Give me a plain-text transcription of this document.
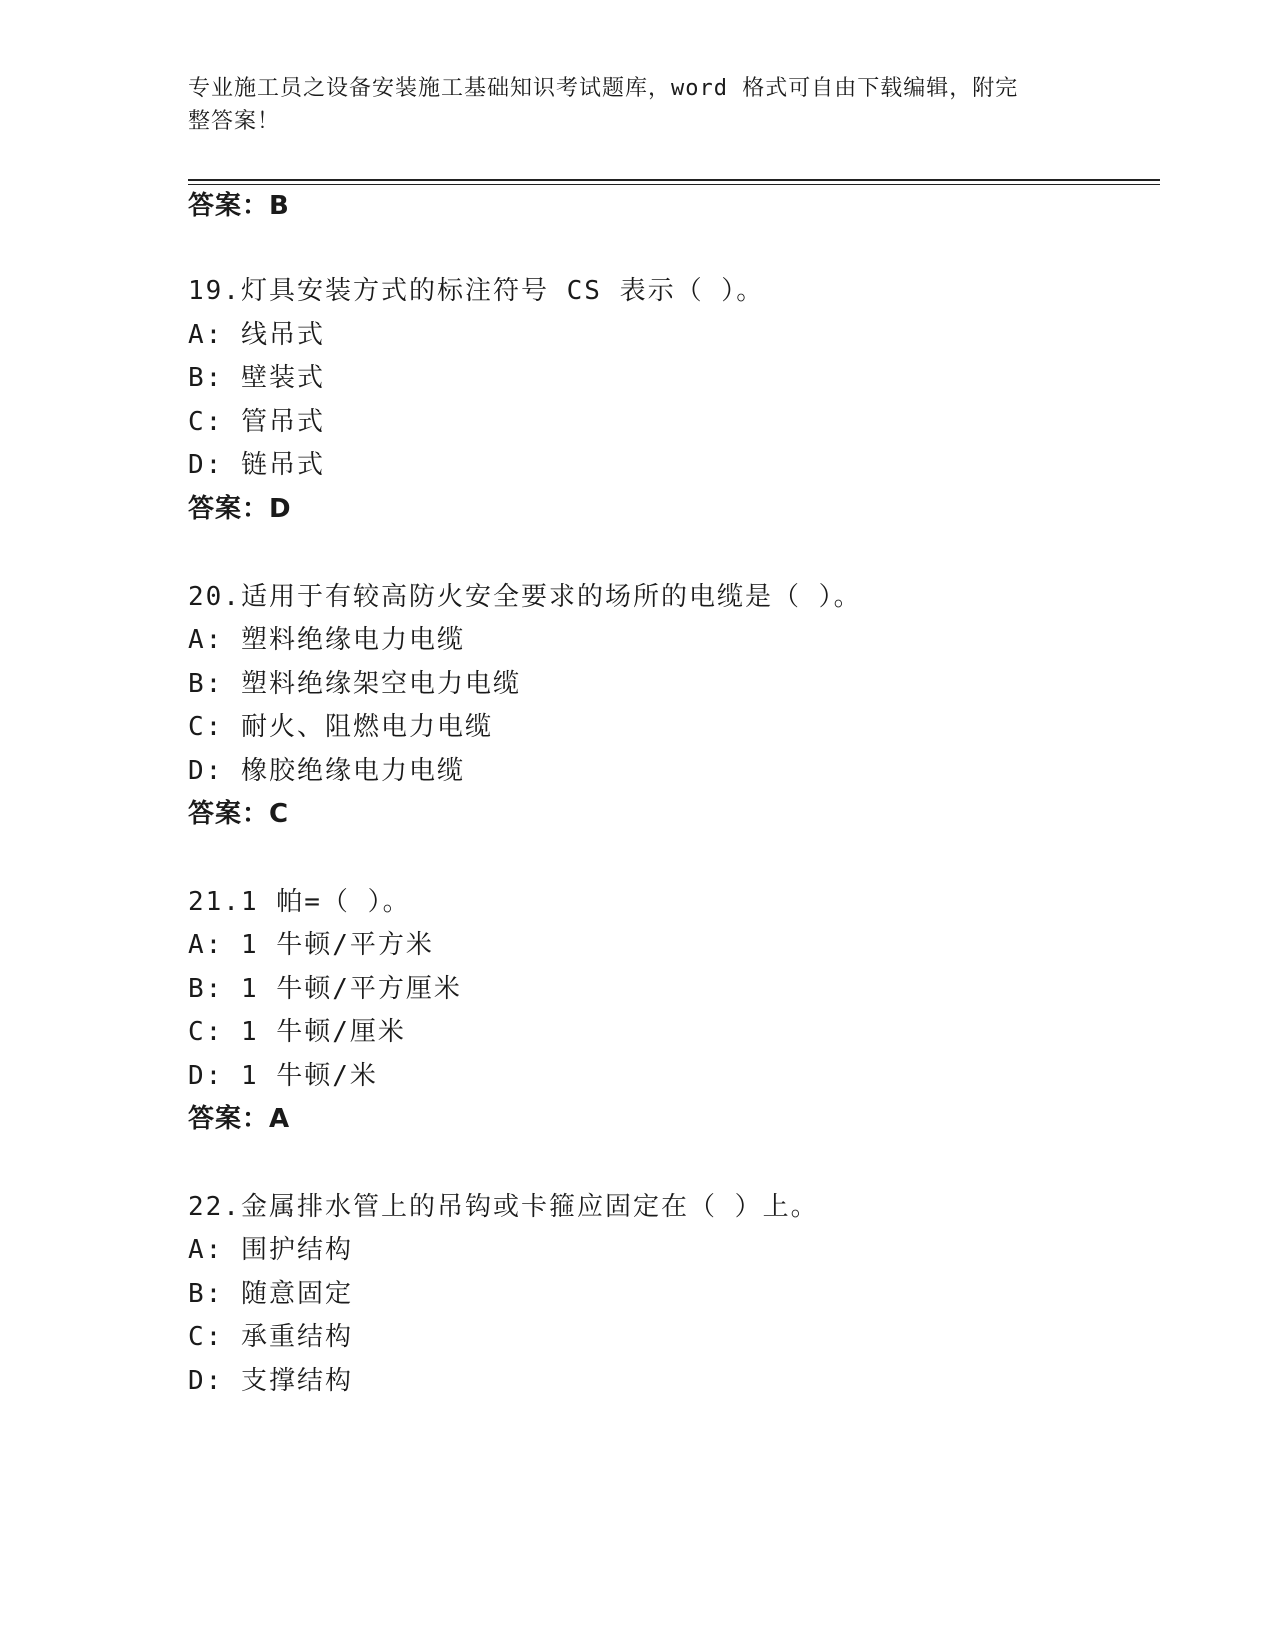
专业施工员之设备安装施工基础知识考试题库，word 格式可自由下载编辑，附完
整答案！
答案：B
19.灯具安装方式的标注符号 CS 表示（ ）。
A: 线吊式
B: 壁装式
C: 管吊式
D: 链吊式
答案：D
20.适用于有较高防火安全要求的场所的电缆是（ ）。
A: 塑料绝缘电力电缆
B: 塑料绝缘架空电力电缆
C: 耐火、阻燃电力电缆
D: 橡胶绝缘电力电缆
答案：C
21.1 帕=（ ）。
A: 1 牛顿/平方米
B: 1 牛顿/平方厘米
C: 1 牛顿/厘米
D: 1 牛顿/米
答案：A
22.金属排水管上的吊钩或卡箍应固定在（ ）上。
A: 围护结构
B: 随意固定
C: 承重结构
D: 支撑结构
